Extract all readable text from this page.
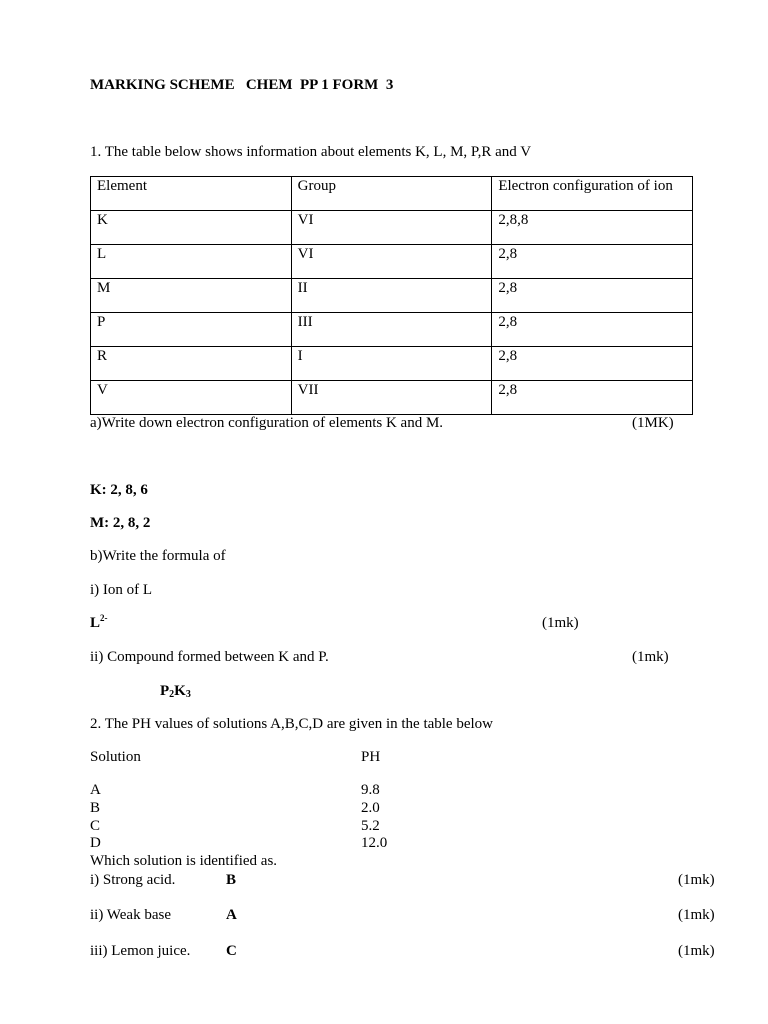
MARKING SCHEME   CHEM  PP 1 FORM  3
1. The table below shows information about elements K, L, M, P,R and V
Element	Group	Electron configuration of ion
K	VI	2,8,8
L	VI	2,8
M	II	2,8
P	III	2,8
R	I	2,8
V	VII	2,8
a)Write down electron configuration of elements K and M.	(1MK)
K: 2, 8, 6
M: 2, 8, 2
b)Write the formula of
i) Ion of L
$L^{2-}$	(1mk)
ii) Compound formed between K and P.	(1mk)
$P_2K_3$
2. The PH values of solutions A,B,C,D are given in the table below
Solution	PH
A	9.8
B	2.0
C	5.2
D	12.0
Which solution is identified as.
i) Strong acid.	B	(1mk)
ii) Weak base	A	(1mk)
iii) Lemon juice. C	(1mk)
